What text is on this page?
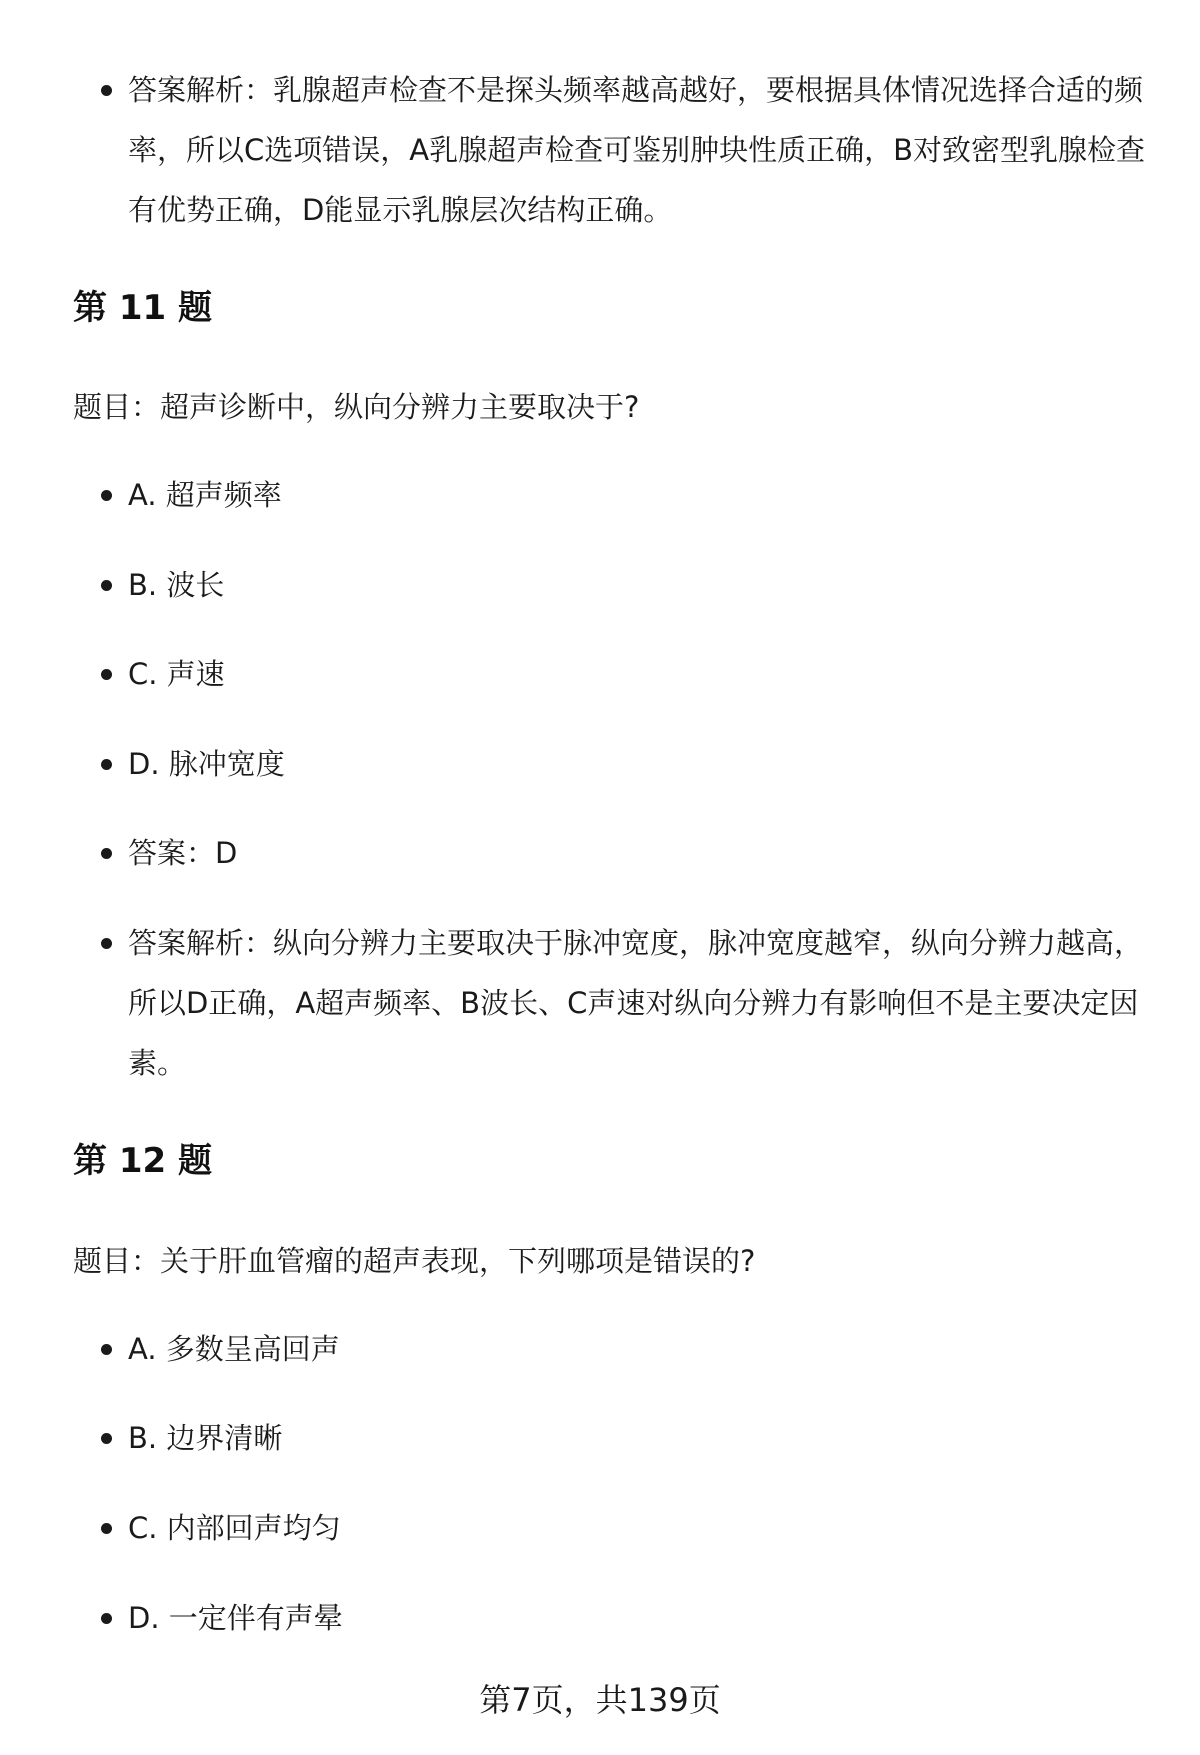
答案解析：乳腺超声检查不是探头频率越高越好，要根据具体情况选择合适的频率，所以C选项错误，A乳腺超声检查可鉴别肿块性质正确，B对致密型乳腺检查有优势正确，D能显示乳腺层次结构正确。
第 11 题
题目：超声诊断中，纵向分辨力主要取决于?
A. 超声频率
B. 波长
C. 声速
D. 脉冲宽度
答案：D
答案解析：纵向分辨力主要取决于脉冲宽度，脉冲宽度越窄，纵向分辨力越高，所以D正确，A超声频率、B波长、C声速对纵向分辨力有影响但不是主要决定因素。
第 12 题
题目：关于肝血管瘤的超声表现，下列哪项是错误的?
A. 多数呈高回声
B. 边界清晰
C. 内部回声均匀
D. 一定伴有声晕
第7页，共139页
